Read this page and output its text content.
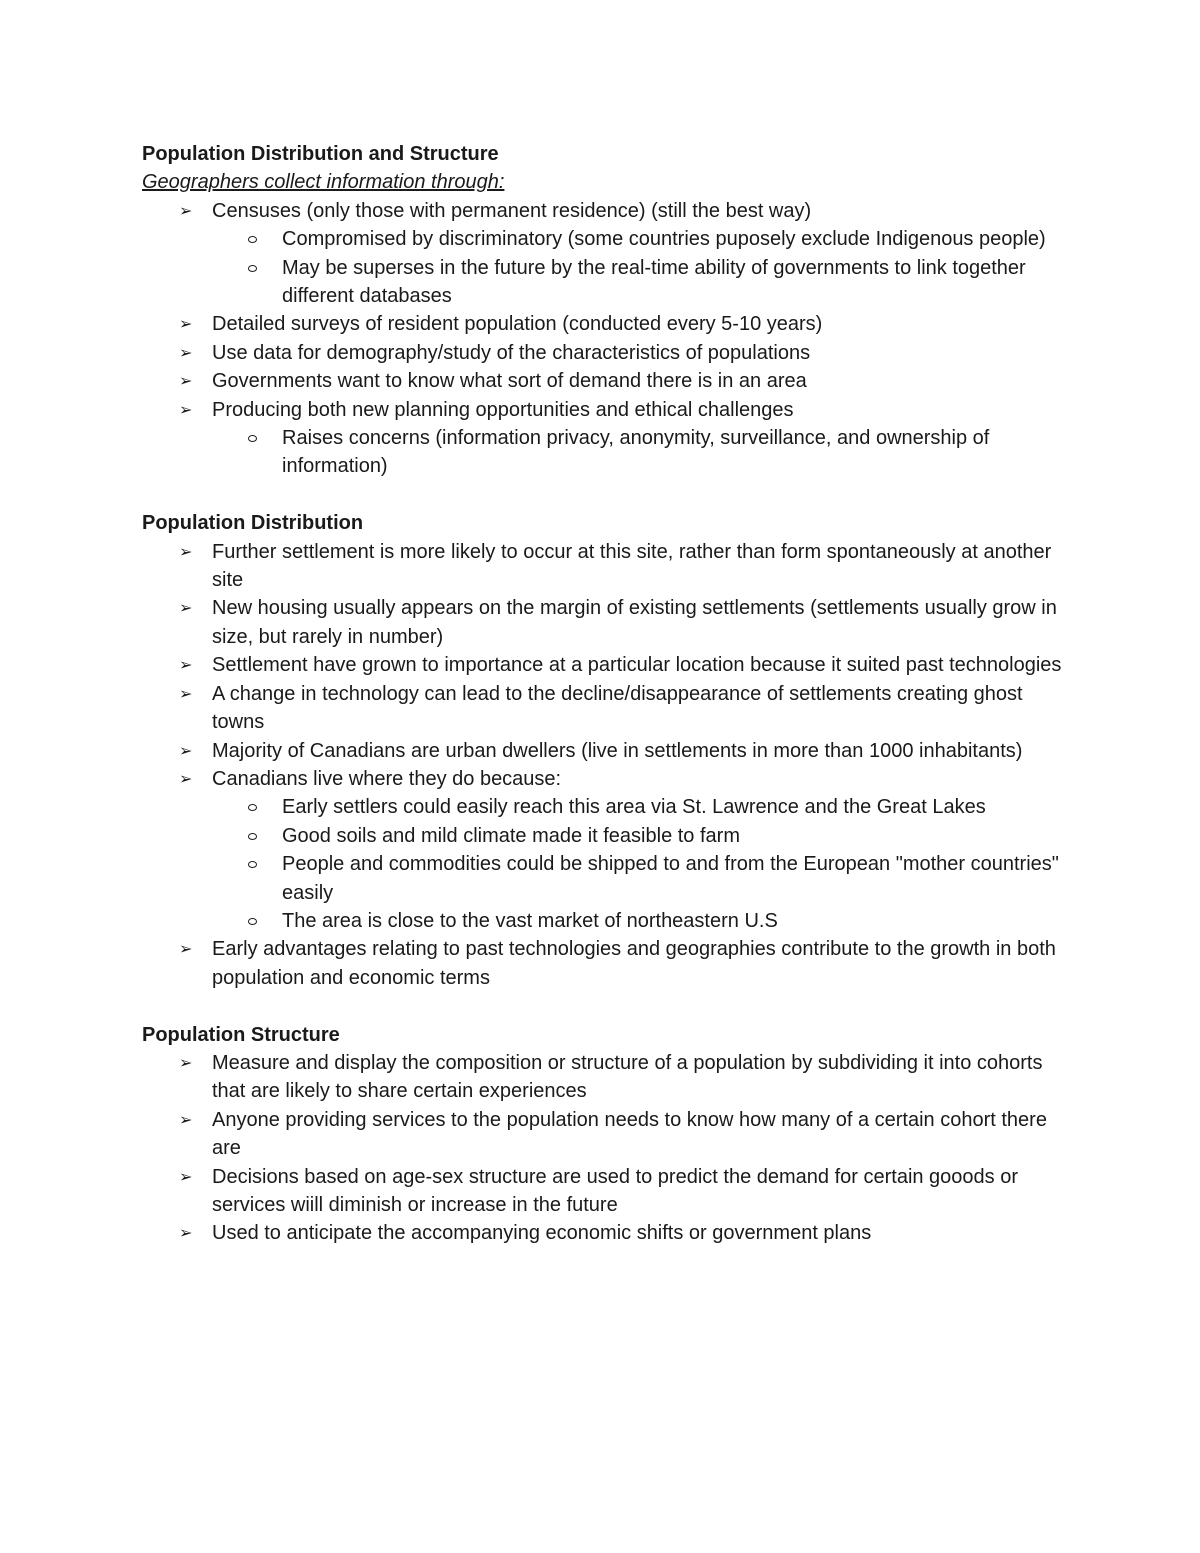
Population Distribution and Structure

Geographers collect information through:

➢ Censuses (only those with permanent residence) (still the best way)
Compromised by discriminatory (some countries puposely exclude Indigenous people)
May be superses in the future by the real-time ability of governments to link together different databases
➢ Detailed surveys of resident population (conducted every 5-10 years)
➢ Use data for demography/study of the characteristics of populations
➢ Governments want to know what sort of demand there is in an area
➢ Producing both new planning opportunities and ethical challenges
Raises concerns (information privacy, anonymity, surveillance, and ownership of information)

Population Distribution

➢ Further settlement is more likely to occur at this site, rather than form spontaneously at another site
➢ New housing usually appears on the margin of existing settlements (settlements usually grow in size, but rarely in number)
➢ Settlement have grown to importance at a particular location because it suited past technologies
➢ A change in technology can lead to the decline/disappearance of settlements creating ghost towns
➢ Majority of Canadians are urban dwellers (live in settlements in more than 1000 inhabitants)
➢ Canadians live where they do because:
Early settlers could easily reach this area via St. Lawrence and the Great Lakes
Good soils and mild climate made it feasible to farm
People and commodities could be shipped to and from the European "mother countries" easily
The area is close to the vast market of northeastern U.S
➢ Early advantages relating to past technologies and geographies contribute to the growth in both population and economic terms

Population Structure

➢ Measure and display the composition or structure of a population by subdividing it into cohorts that are likely to share certain experiences
➢ Anyone providing services to the population needs to know how many of a certain cohort there are
➢ Decisions based on age-sex structure are used to predict the demand for certain gooods or services wiill diminish or increase in the future
➢ Used to anticipate the accompanying economic shifts or government plans
